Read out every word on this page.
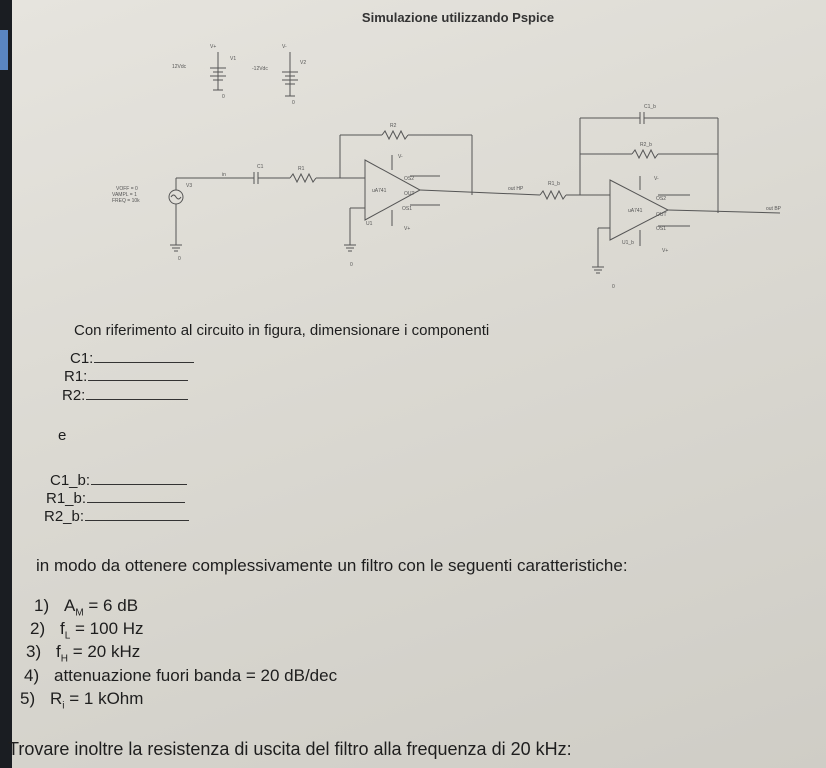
Simulazione utilizzando Pspice
12Vdc
V1
V+
0
-12Vdc
V2
V-
0
VOFF = 0
VAMPL = 1
FREQ = 10k
V3
0
in
C1	R1
R2
uA741
U1
V-
V+
OS2
OUT
OS1
0
out HP
R1_b
C1_b
R2_b
uA741
U1_b
V-
V+
OS2
OUT
OS1
0
out BP
Con riferimento al circuito in figura, dimensionare i componenti
C1:
R1:
R2:
e
C1_b:
R1_b:
R2_b:
in modo da ottenere complessivamente un filtro con le seguenti caratteristiche:
1) $A_M = 6$ dB
2) $f_L = 100$ Hz
3) $f_H = 20$ kHz
4) attenuazione fuori banda = 20 dB/dec
5) $R_i = 1$ kOhm
Trovare inoltre la resistenza di uscita del filtro alla frequenza di 20 kHz:
